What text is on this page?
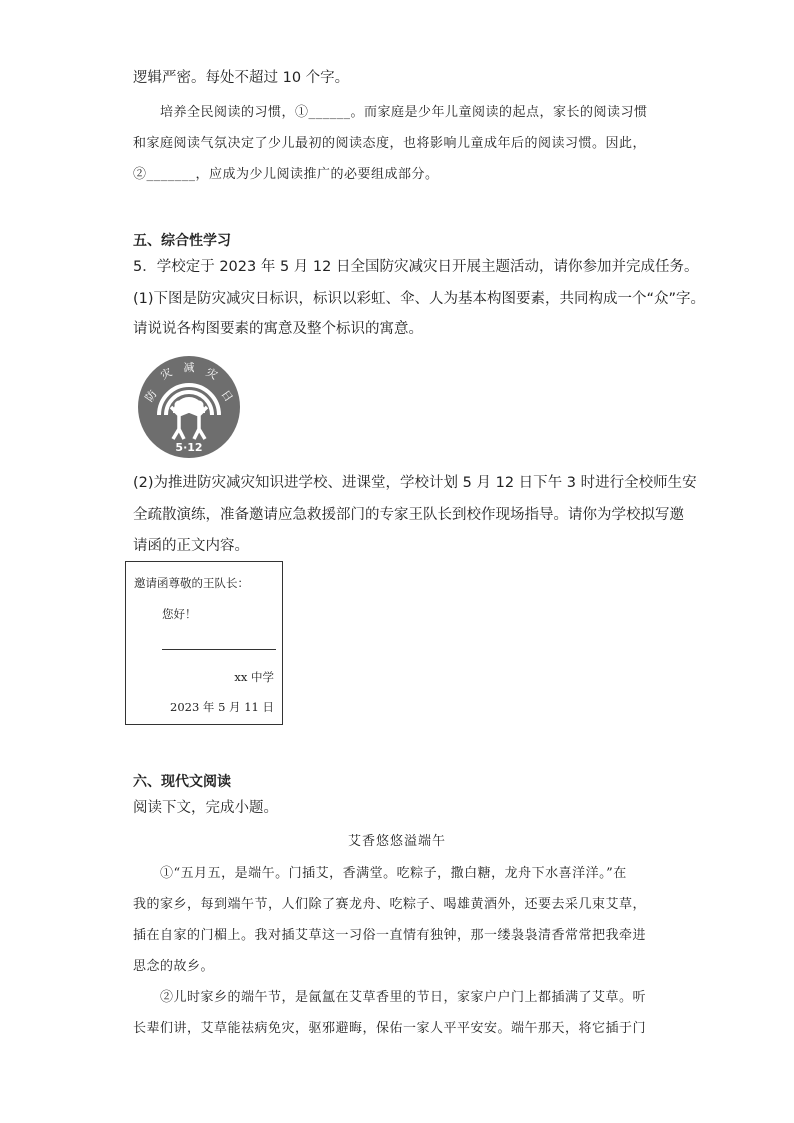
逻辑严密。每处不超过 10 个字。
培养全民阅读的习惯，①______。而家庭是少年儿童阅读的起点，家长的阅读习惯
和家庭阅读气氛决定了少儿最初的阅读态度，也将影响儿童成年后的阅读习惯。因此，
②_______，应成为少儿阅读推广的必要组成部分。
五、综合性学习
5．学校定于 2023 年 5 月 12 日全国防灾减灾日开展主题活动，请你参加并完成任务。
(1)下图是防灾减灾日标识，标识以彩虹、伞、人为基本构图要素，共同构成一个“众”字。
请说说各构图要素的寓意及整个标识的寓意。
防
灾 减 灾
日
5·12
(2)为推进防灾减灾知识进学校、进课堂，学校计划 5 月 12 日下午 3 时进行全校师生安
全疏散演练，准备邀请应急救援部门的专家王队长到校作现场指导。请你为学校拟写邀
请函的正文内容。
邀请函尊敬的王队长：
您好！
xx 中学
2023 年 5 月 11 日
六、现代文阅读
阅读下文，完成小题。
艾香悠悠溢端午
①“五月五，是端午。门插艾，香满堂。吃粽子，撒白糖，龙舟下水喜洋洋。”在
我的家乡，每到端午节，人们除了赛龙舟、吃粽子、喝雄黄酒外，还要去采几束艾草，
插在自家的门楣上。我对插艾草这一习俗一直情有独钟，那一缕袅袅清香常常把我牵进
思念的故乡。
②儿时家乡的端午节，是氤氲在艾草香里的节日，家家户户门上都插满了艾草。听
长辈们讲，艾草能祛病免灾，驱邪避晦，保佑一家人平平安安。端午那天，将它插于门
